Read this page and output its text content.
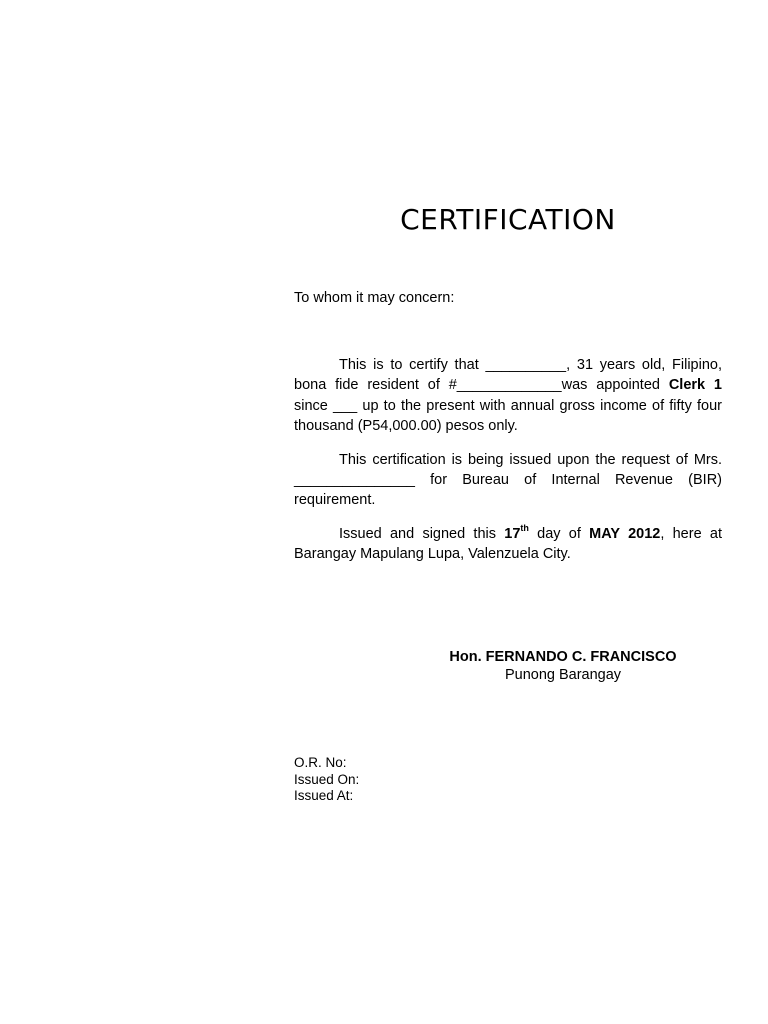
CERTIFICATION
To whom it may concern:

This is to certify that __________, 31 years old, Filipino, bona fide resident of #_____________was appointed Clerk 1 since ___ up to the present with annual gross income of fifty four thousand (P54,000.00) pesos only.

This certification is being issued upon the request of Mrs. _______________ for Bureau of Internal Revenue (BIR) requirement.

Issued and signed this 17th day of MAY 2012, here at Barangay Mapulang Lupa, Valenzuela City.

Hon. FERNANDO C. FRANCISCO
Punong Barangay
O.R. No:
Issued On:
Issued At:
